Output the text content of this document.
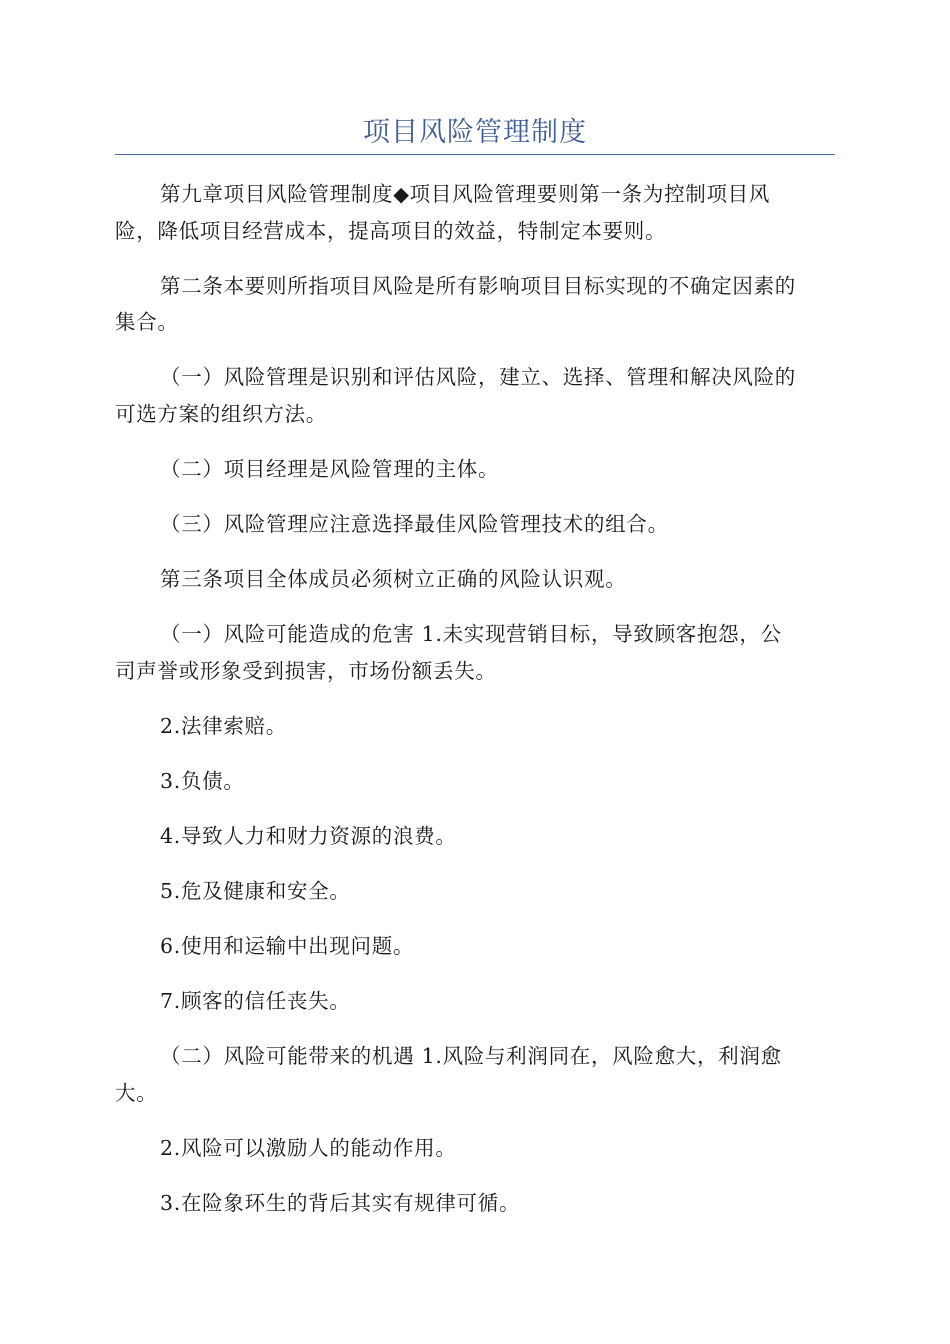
项目风险管理制度

第九章项目风险管理制度◆项目风险管理要则第一条为控制项目风
险，降低项目经营成本，提高项目的效益，特制定本要则。

第二条本要则所指项目风险是所有影响项目目标实现的不确定因素的
集合。

（一）风险管理是识别和评估风险，建立、选择、管理和解决风险的
可选方案的组织方法。

（二）项目经理是风险管理的主体。

（三）风险管理应注意选择最佳风险管理技术的组合。

第三条项目全体成员必须树立正确的风险认识观。

（一）风险可能造成的危害 1.未实现营销目标，导致顾客抱怨，公
司声誉或形象受到损害，市场份额丢失。

2.法律索赔。

3.负债。

4.导致人力和财力资源的浪费。

5.危及健康和安全。

6.使用和运输中出现问题。

7.顾客的信任丧失。

（二）风险可能带来的机遇 1.风险与利润同在，风险愈大，利润愈
大。

2.风险可以激励人的能动作用。

3.在险象环生的背后其实有规律可循。
